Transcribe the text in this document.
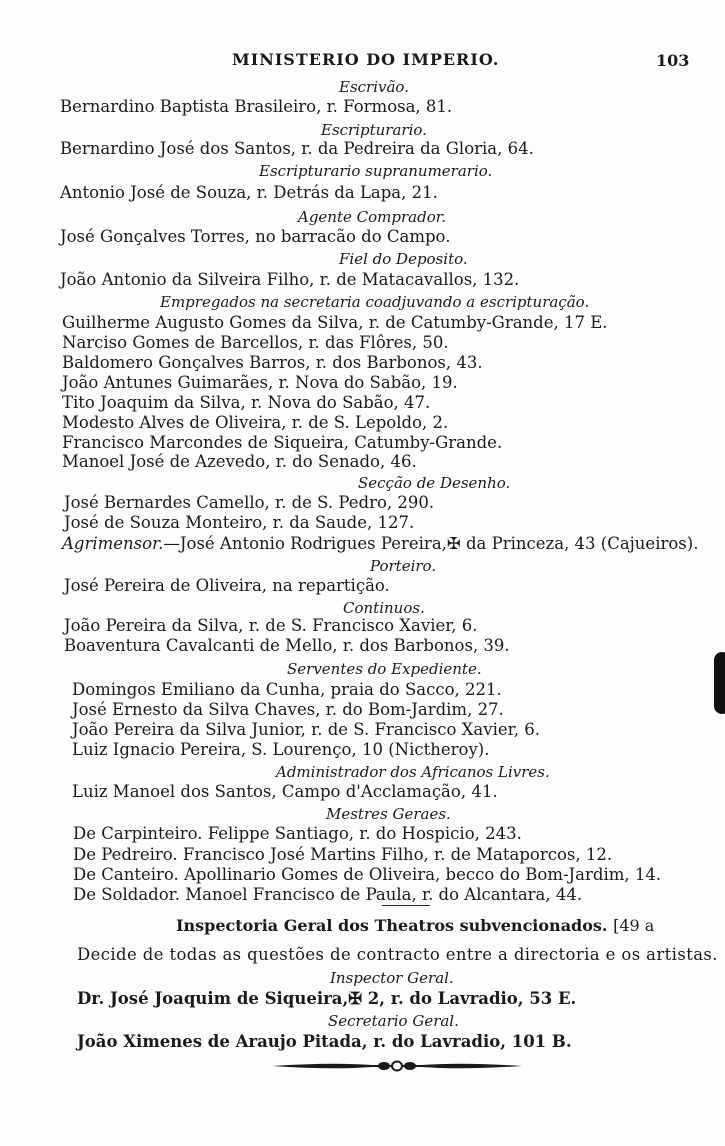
MINISTERIO DO IMPERIO.	103
Escrivão.
Bernardino Baptista Brasileiro, r. Formosa, 81.
Escripturario.
Bernardino José dos Santos, r. da Pedreira da Gloria, 64.
Escripturario supranumerario.
Antonio José de Souza, r. Detrás da Lapa, 21.
Agente Comprador.
José Gonçalves Torres, no barracão do Campo.
Fiel do Deposito.
João Antonio da Silveira Filho, r. de Matacavallos, 132.
Empregados na secretaria coadjuvando a escripturação.
Guilherme Augusto Gomes da Silva, r. de Catumby-Grande, 17 E.
Narciso Gomes de Barcellos, r. das Flôres, 50.
Baldomero Gonçalves Barros, r. dos Barbonos, 43.
João Antunes Guimarães, r. Nova do Sabão, 19.
Tito Joaquim da Silva, r. Nova do Sabão, 47.
Modesto Alves de Oliveira, r. de S. Lepoldo, 2.
Francisco Marcondes de Siqueira, Catumby-Grande.
Manoel José de Azevedo, r. do Senado, 46.
Secção de Desenho.
José Bernardes Camello, r. de S. Pedro, 290.
José de Souza Monteiro, r. da Saude, 127.
Agrimensor.—José Antonio Rodrigues Pereira,✠ da Princeza, 43 (Cajueiros).
Porteiro.
José Pereira de Oliveira, na repartição.
Continuos.
João Pereira da Silva, r. de S. Francisco Xavier, 6.
Boaventura Cavalcanti de Mello, r. dos Barbonos, 39.
Serventes do Expediente.
Domingos Emiliano da Cunha, praia do Sacco, 221.
José Ernesto da Silva Chaves, r. do Bom-Jardim, 27.
João Pereira da Silva Junior, r. de S. Francisco Xavier, 6.
Luiz Ignacio Pereira, S. Lourenço, 10 (Nictheroy).
Administrador dos Africanos Livres.
Luiz Manoel dos Santos, Campo d'Acclamação, 41.
Mestres Geraes.
De Carpinteiro. Felippe Santiago, r. do Hospicio, 243.
De Pedreiro. Francisco José Martins Filho, r. de Mataporcos, 12.
De Canteiro. Apollinario Gomes de Oliveira, becco do Bom-Jardim, 14.
De Soldador. Manoel Francisco de Paula, r. do Alcantara, 44.
Inspectoria Geral dos Theatros subvencionados. [49 a
Decide de todas as questões de contracto entre a directoria e os artistas.
Inspector Geral.
Dr. José Joaquim de Siqueira,✠ 2, r. do Lavradio, 53 E.
Secretario Geral.
João Ximenes de Araujo Pitada, r. do Lavradio, 101 B.
